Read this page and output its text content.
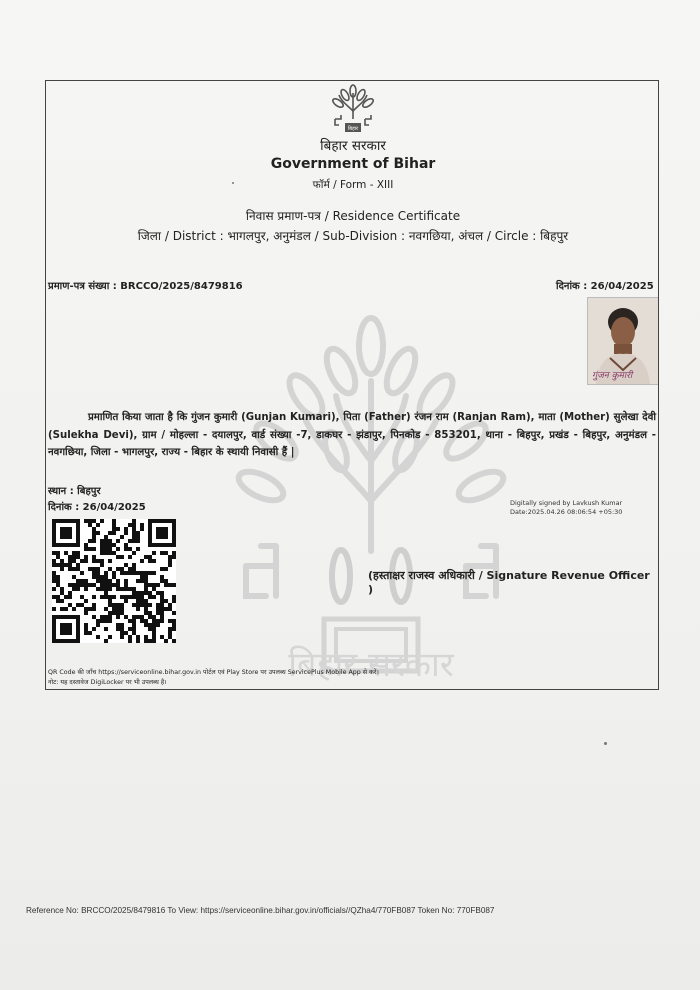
बिहार सरकार
बिहार
बिहार सरकार
Government of Bihar
फॉर्म / Form - XIII
निवास प्रमाण-पत्र / Residence Certificate
जिला / District : भागलपुर, अनुमंडल / Sub-Division : नवगछिया, अंचल / Circle : बिहपुर
प्रमाण-पत्र संख्या : BRCCO/2025/8479816	दिनांक : 26/04/2025
गुंजन कुमारी
प्रमाणित किया जाता है कि गुंजन कुमारी (Gunjan Kumari), पिता (Father) रंजन राम (Ranjan Ram), माता (Mother) सुलेखा देवी (Sulekha Devi), ग्राम / मोहल्ला - दयालपुर, वार्ड संख्या -7, डाकघर - झंडापुर, पिनकोड - 853201, थाना - बिहपुर, प्रखंड - बिहपुर, अनुमंडल - नवगछिया, जिला - भागलपुर, राज्य - बिहार के स्थायी निवासी हैं |
स्थान : बिहपुर
दिनांक : 26/04/2025	Digitally signed by Lavkush Kumar
Date:2025.04.26 08:06:54 +05:30
(हस्ताक्षर राजस्व अधिकारी / Signature Revenue Officer )
QR Code की जाँच https://serviceonline.bihar.gov.in पोर्टल एवं Play Store पर उपलब्ध ServicePlus Mobile App से करें।
नोट: यह दस्तावेज DigiLocker पर भी उपलब्ध है।
Reference No: BRCCO/2025/8479816 To View: https://serviceonline.bihar.gov.in/officials//QZha4/770FB087 Token No: 770FB087
